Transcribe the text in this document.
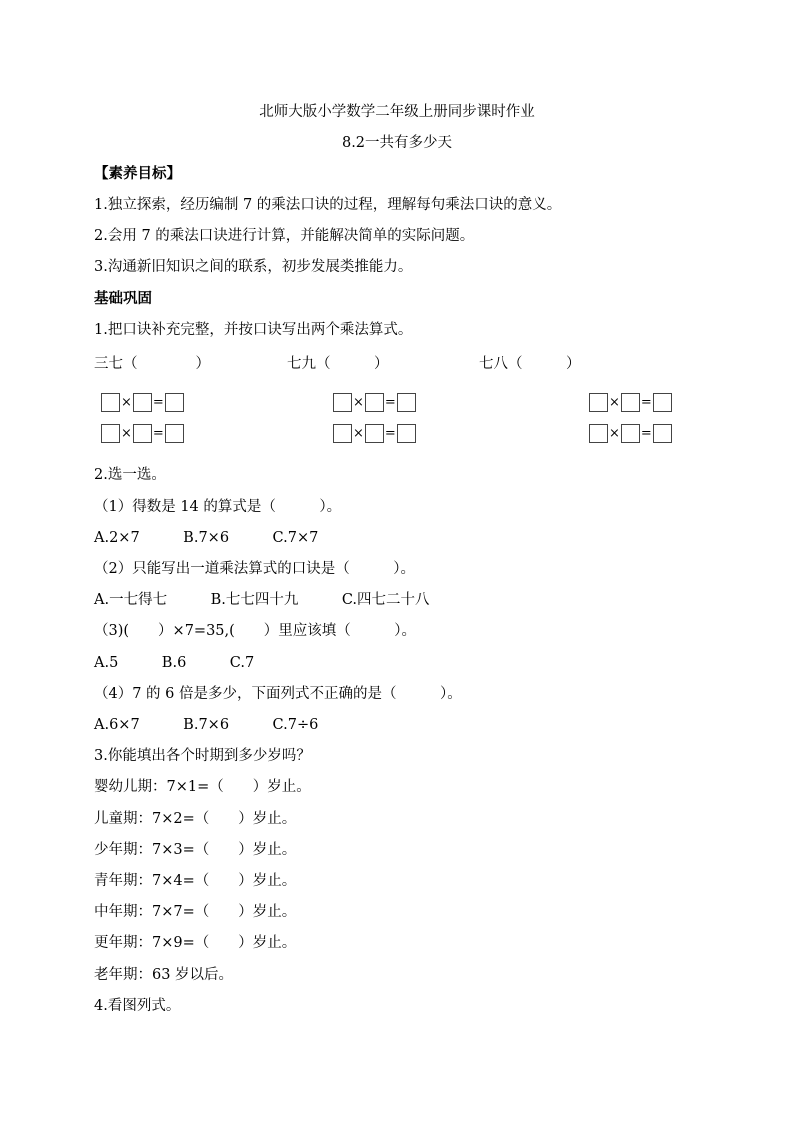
北师大版小学数学二年级上册同步课时作业
8.2一共有多少天
【素养目标】
1.独立探索，经历编制 7 的乘法口诀的过程，理解每句乘法口诀的意义。
2.会用 7 的乘法口诀进行计算，并能解决简单的实际问题。
3.沟通新旧知识之间的联系，初步发展类推能力。
基础巩固
1.把口诀补充完整，并按口诀写出两个乘法算式。
三七（　　　　）	七九（　　　）	七八（　　　）
× =
× =
× =
× =
× =
× =
2.选一选。
（1）得数是 14 的算式是（　　　）。
A.2×7　　　B.7×6　　　C.7×7
（2）只能写出一道乘法算式的口诀是（　　　）。
A.一七得七　　　B.七七四十九　　　C.四七二十八
（3)(　　）×7=35,(　　）里应该填（　　　）。
A.5　　　B.6　　　C.7
（4）7 的 6 倍是多少，下面列式不正确的是（　　　）。
A.6×7　　　B.7×6　　　C.7÷6
3.你能填出各个时期到多少岁吗？
婴幼儿期：7×1=（　　）岁止。
儿童期：7×2=（　　）岁止。
少年期：7×3=（　　）岁止。
青年期：7×4=（　　）岁止。
中年期：7×7=（　　）岁止。
更年期：7×9=（　　）岁止。
老年期：63 岁以后。
4.看图列式。
